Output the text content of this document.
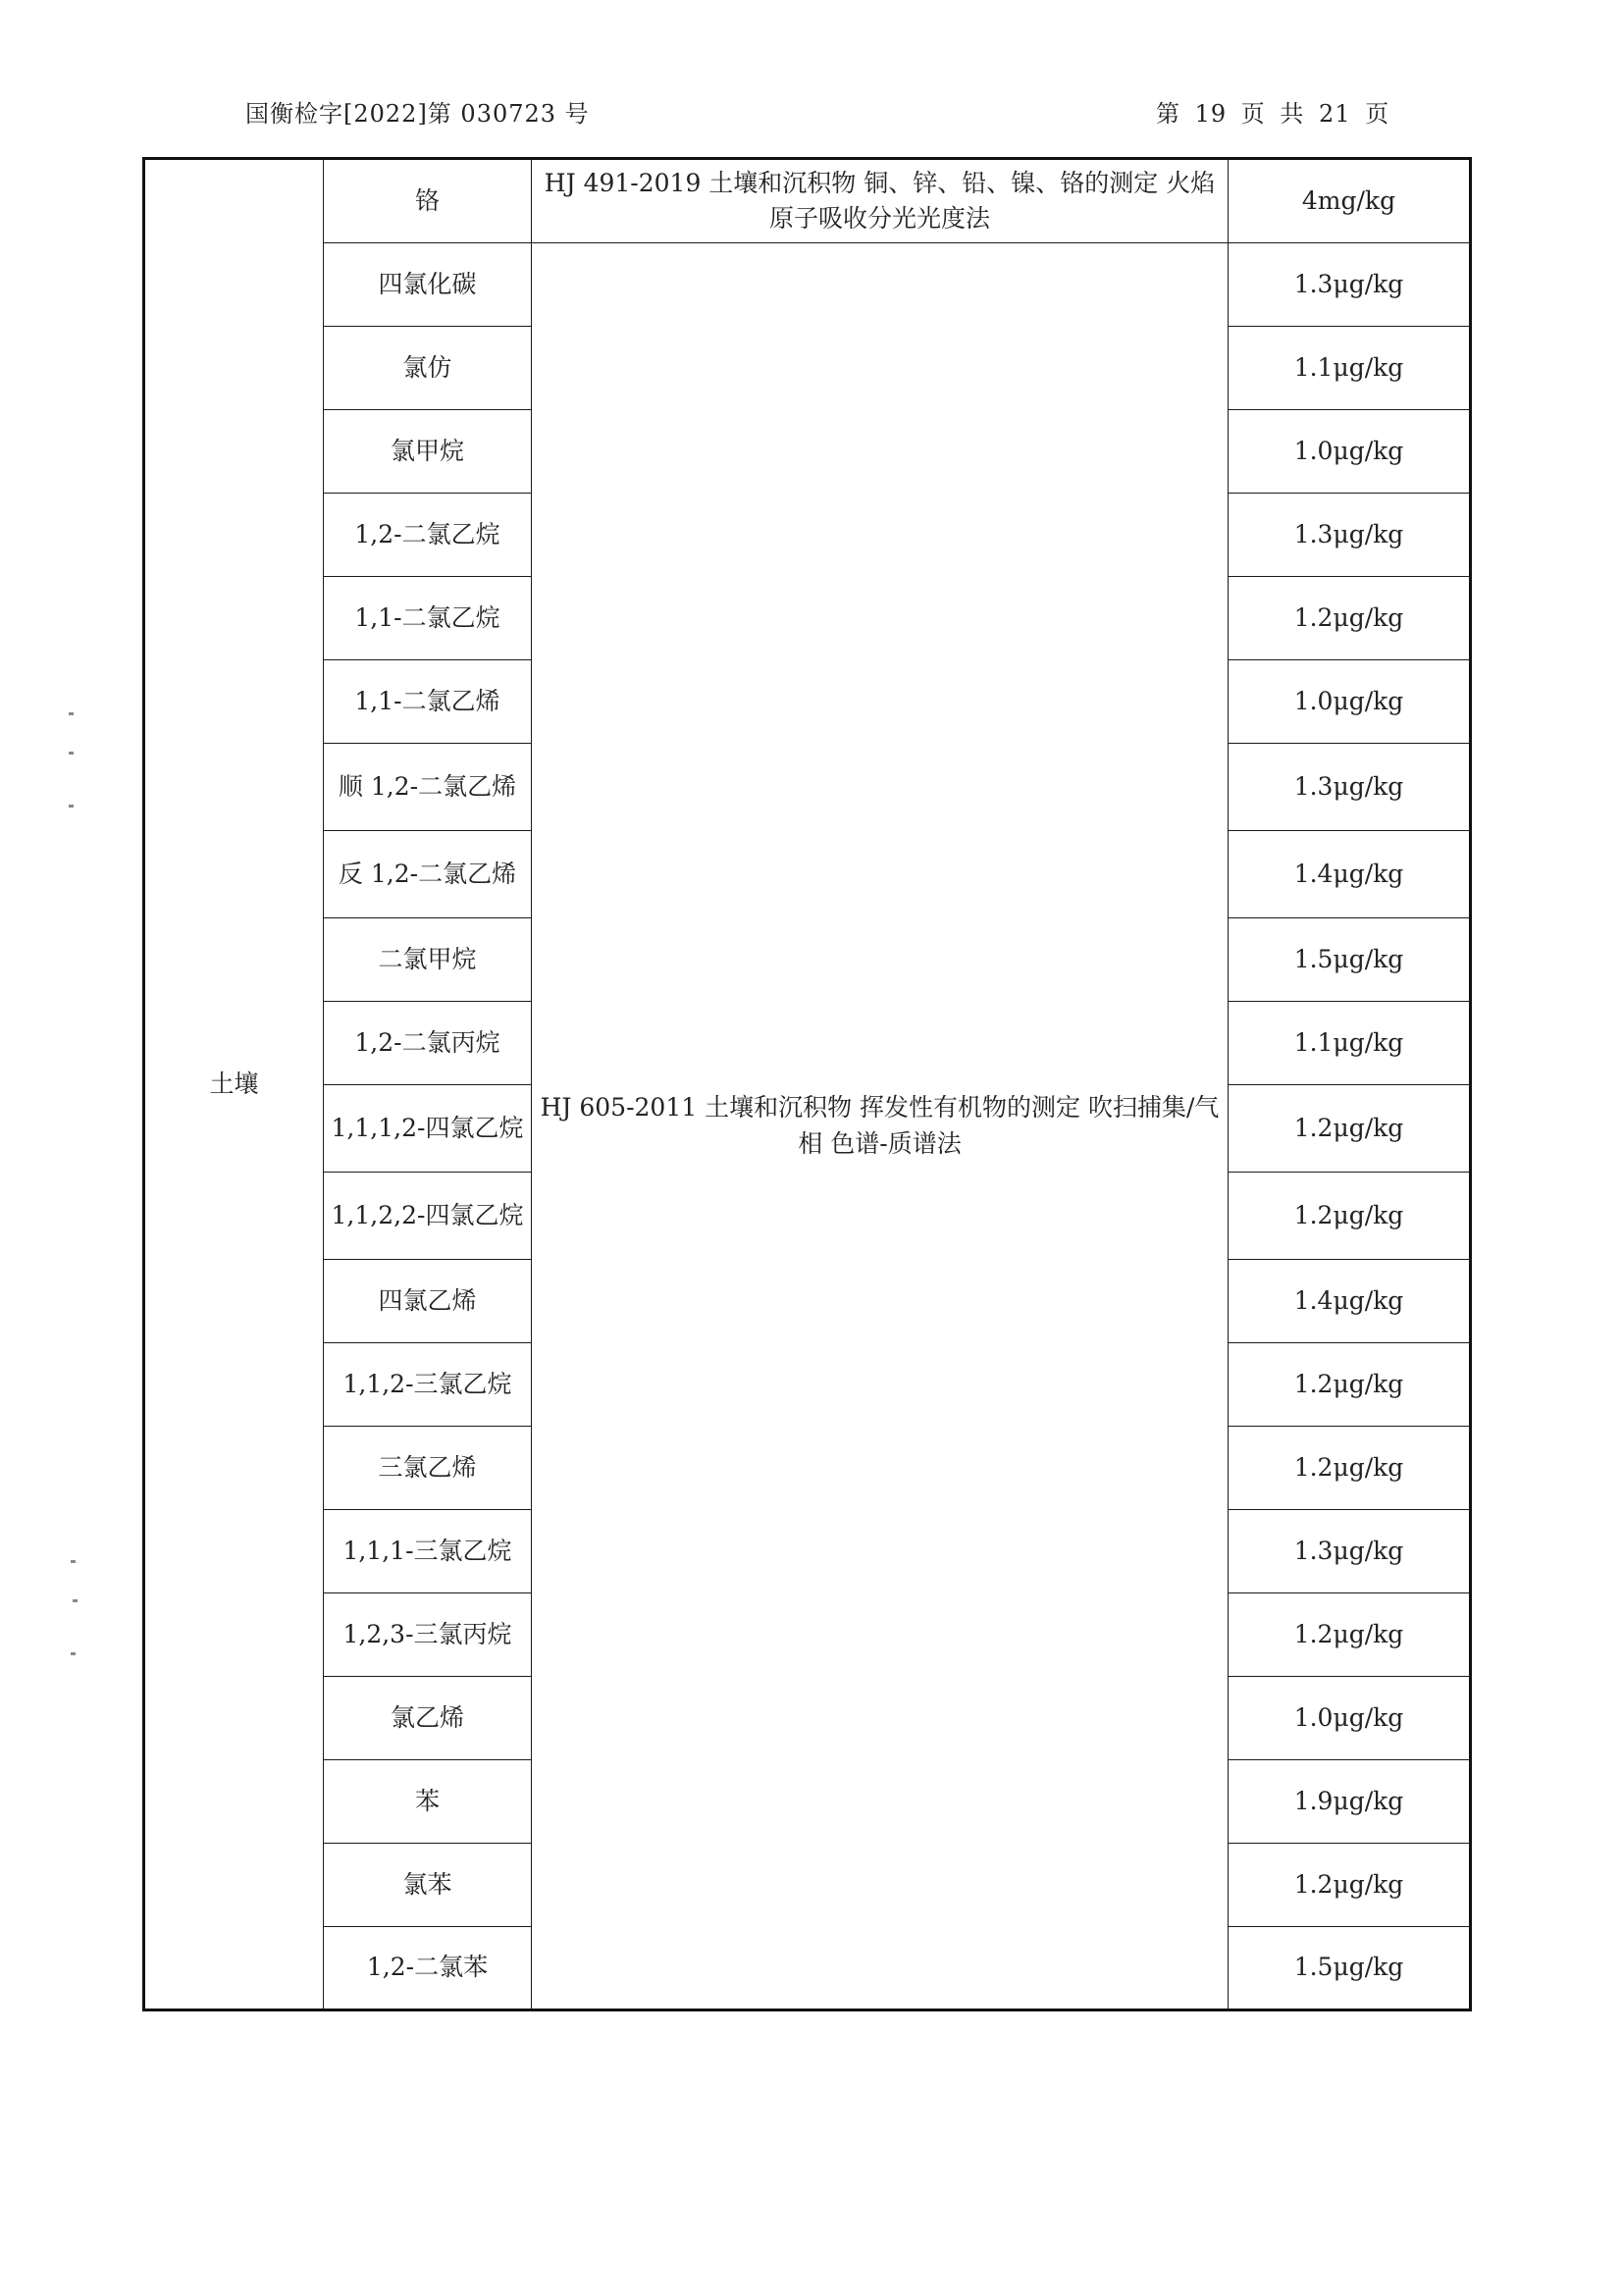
国衡检字[2022]第 030723 号	第 19 页 共 21 页
土壤	铬	HJ 491-2019 土壤和沉积物 铜、锌、铅、镍、铬的测定 火焰原子吸收分光光度法	4mg/kg
	四氯化碳	HJ 605-2011 土壤和沉积物 挥发性有机物的测定 吹扫捕集/气相 色谱-质谱法	1.3μg/kg
	氯仿		1.1μg/kg
	氯甲烷		1.0μg/kg
	1,2-二氯乙烷		1.3μg/kg
	1,1-二氯乙烷		1.2μg/kg
	1,1-二氯乙烯		1.0μg/kg
	顺 1,2-二氯乙烯		1.3μg/kg
	反 1,2-二氯乙烯		1.4μg/kg
	二氯甲烷		1.5μg/kg
	1,2-二氯丙烷		1.1μg/kg
	1,1,1,2-四氯乙烷		1.2μg/kg
	1,1,2,2-四氯乙烷		1.2μg/kg
	四氯乙烯		1.4μg/kg
	1,1,2-三氯乙烷		1.2μg/kg
	三氯乙烯		1.2μg/kg
	1,1,1-三氯乙烷		1.3μg/kg
	1,2,3-三氯丙烷		1.2μg/kg
	氯乙烯		1.0μg/kg
	苯		1.9μg/kg
	氯苯		1.2μg/kg
	1,2-二氯苯		1.5μg/kg
